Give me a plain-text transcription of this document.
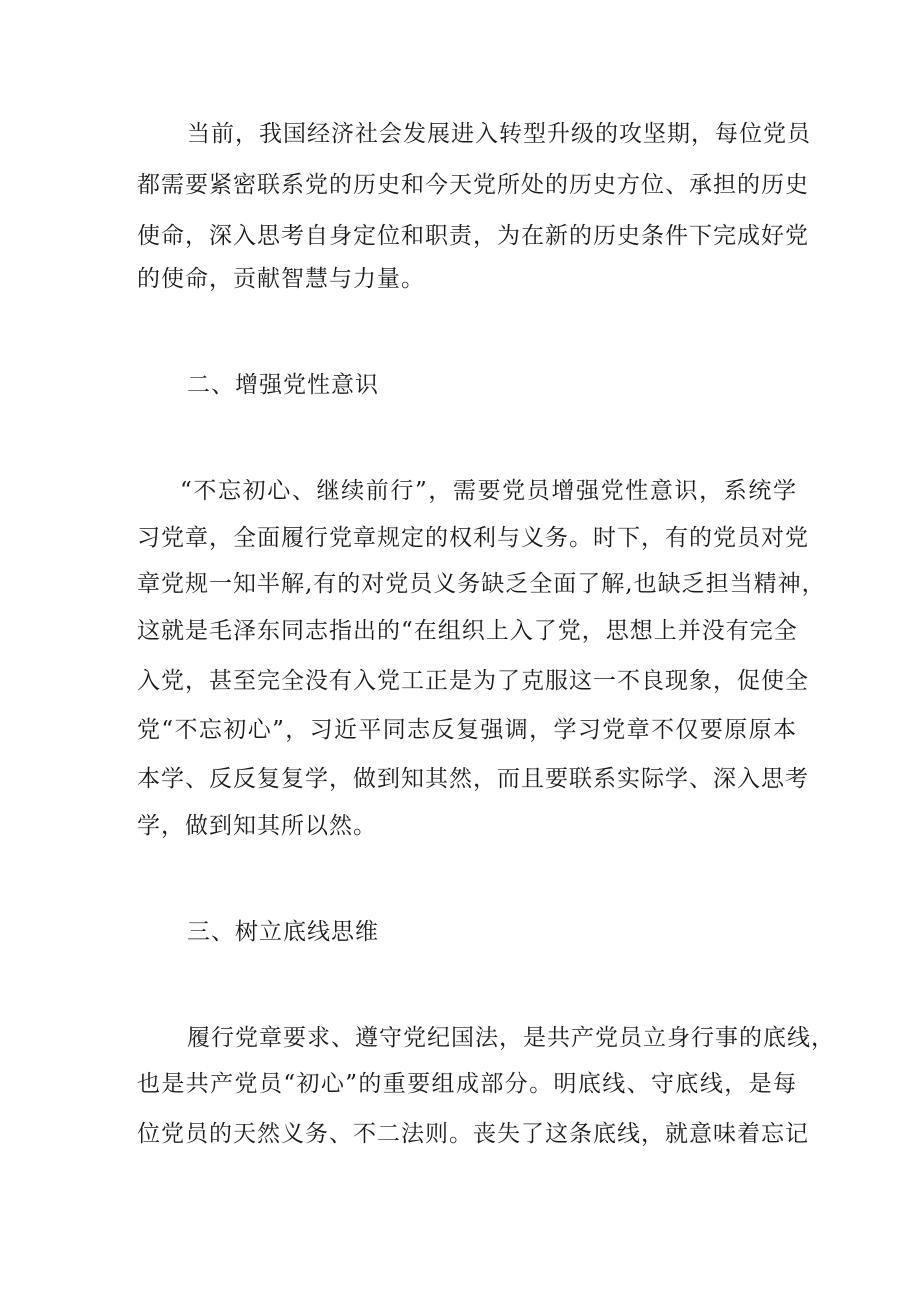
当前，我国经济社会发展进入转型升级的攻坚期，每位党员
都需要紧密联系党的历史和今天党所处的历史方位、承担的历史
使命，深入思考自身定位和职责，为在新的历史条件下完成好党
的使命，贡献智慧与力量。
二、增强党性意识
“不忘初心、继续前行”，需要党员增强党性意识，系统学
习党章，全面履行党章规定的权利与义务。时下，有的党员对党
章党规一知半解,有的对党员义务缺乏全面了解,也缺乏担当精神，
这就是毛泽东同志指出的“在组织上入了党，思想上并没有完全
入党，甚至完全没有入党工正是为了克服这一不良现象，促使全
党“不忘初心”，习近平同志反复强调，学习党章不仅要原原本
本学、反反复复学，做到知其然，而且要联系实际学、深入思考
学，做到知其所以然。
三、树立底线思维
履行党章要求、遵守党纪国法，是共产党员立身行事的底线，
也是共产党员“初心”的重要组成部分。明底线、守底线，是每
位党员的天然义务、不二法则。丧失了这条底线，就意味着忘记
